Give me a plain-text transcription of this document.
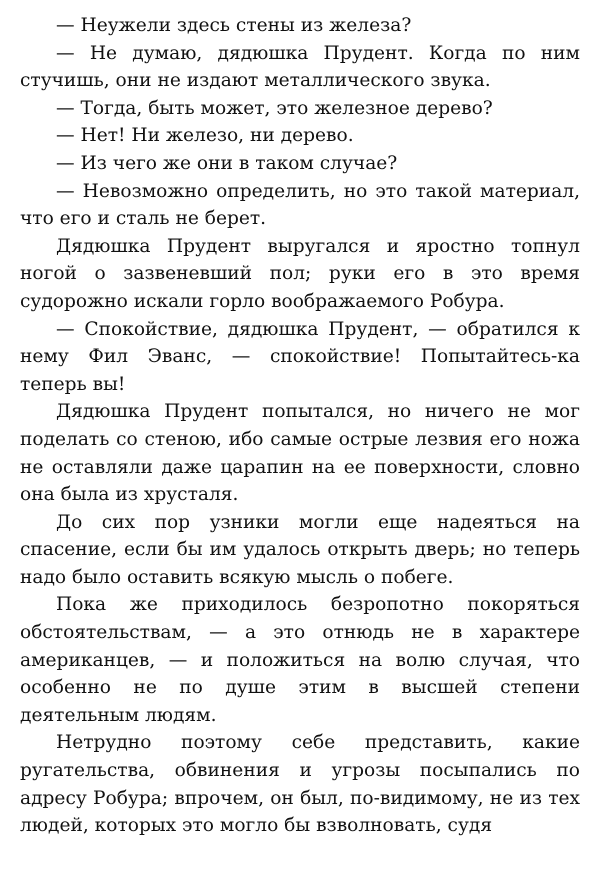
— Неужели здесь стены из железа?

— Не думаю, дядюшка Прудент. Когда по ним стучишь, они не издают металлического звука.

— Тогда, быть может, это железное дерево?

— Нет! Ни железо, ни дерево.

— Из чего же они в таком случае?

— Невозможно определить, но это такой материал, что его и сталь не берет.

Дядюшка Прудент выругался и яростно топнул ногой о зазвеневший пол; руки его в это время судорожно искали горло воображаемого Робура.

— Спокойствие, дядюшка Прудент, — обратился к нему Фил Эванс, — спокойствие! Попытайтесь-ка теперь вы!

Дядюшка Прудент попытался, но ничего не мог поделать со стеною, ибо самые острые лезвия его ножа не оставляли даже царапин на ее поверхности, словно она была из хрусталя.

До сих пор узники могли еще надеяться на спасение, если бы им удалось открыть дверь; но теперь надо было оставить всякую мысль о побеге.

Пока же приходилось безропотно покоряться обстоятельствам, — а это отнюдь не в характере американцев, — и положиться на волю случая, что особенно не по душе этим в высшей степени деятельным людям.

Нетрудно поэтому себе представить, какие ругательства, обвинения и угрозы посыпались по адресу Робура; впрочем, он был, по-видимому, не из тех людей, которых это могло бы взволновать, судя
